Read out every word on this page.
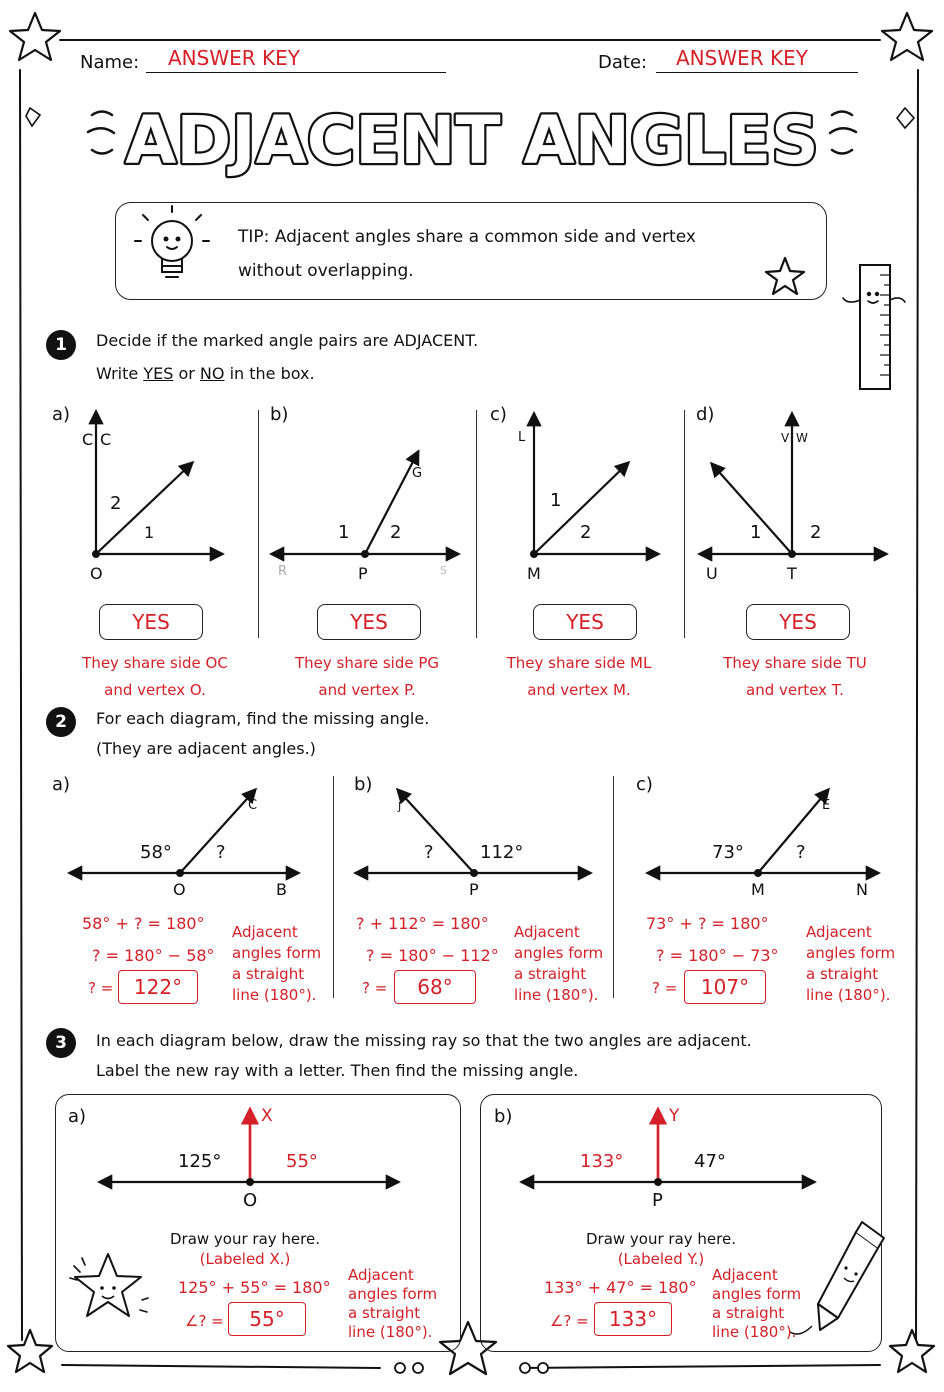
Name: ANSWER KEY	Date: ANSWER KEY
ADJACENT ANGLES
TIP: Adjacent angles share a common side and vertex
without overlapping.
1	Decide if the marked angle pairs are ADJACENT.
Write YES or NO in the box.
a)
C C
2
1
O
b)
G
1 2
R	P	S
c)
L
1
2
M
d)
V W
1	2
U	T
YES	YES	YES	YES
They share side OC
and vertex O.
They share side PG
and vertex P.
They share side ML
and vertex M.
They share side TU
and vertex T.
2	For each diagram, find the missing angle.
(They are adjacent angles.)
a)
C
58° ?
O	B
b)
J
?	112°
P
c)
E
73°	?
M	N
58° + ? = 180°
? = 180° − 58°
? =	122°
Adjacent
angles form
a straight
line (180°).
? + 112° = 180°
? = 180° − 112°
? =	68°
Adjacent
angles form
a straight
line (180°).
73° + ? = 180°
? = 180° − 73°
? =	107°
Adjacent
angles form
a straight
line (180°).
3	In each diagram below, draw the missing ray so that the two angles are adjacent.
Label the new ray with a letter. Then find the missing angle.
a)	X
125°	55°
O
Draw your ray here.
(Labeled X.)
125° + 55° = 180°
∠? =	55°
Adjacent
angles form
a straight
line (180°).
b)	Y
133°	47°
P
Draw your ray here.
(Labeled Y.)
133° + 47° = 180°
∠? =	133°
Adjacent
angles form
a straight
line (180°).
